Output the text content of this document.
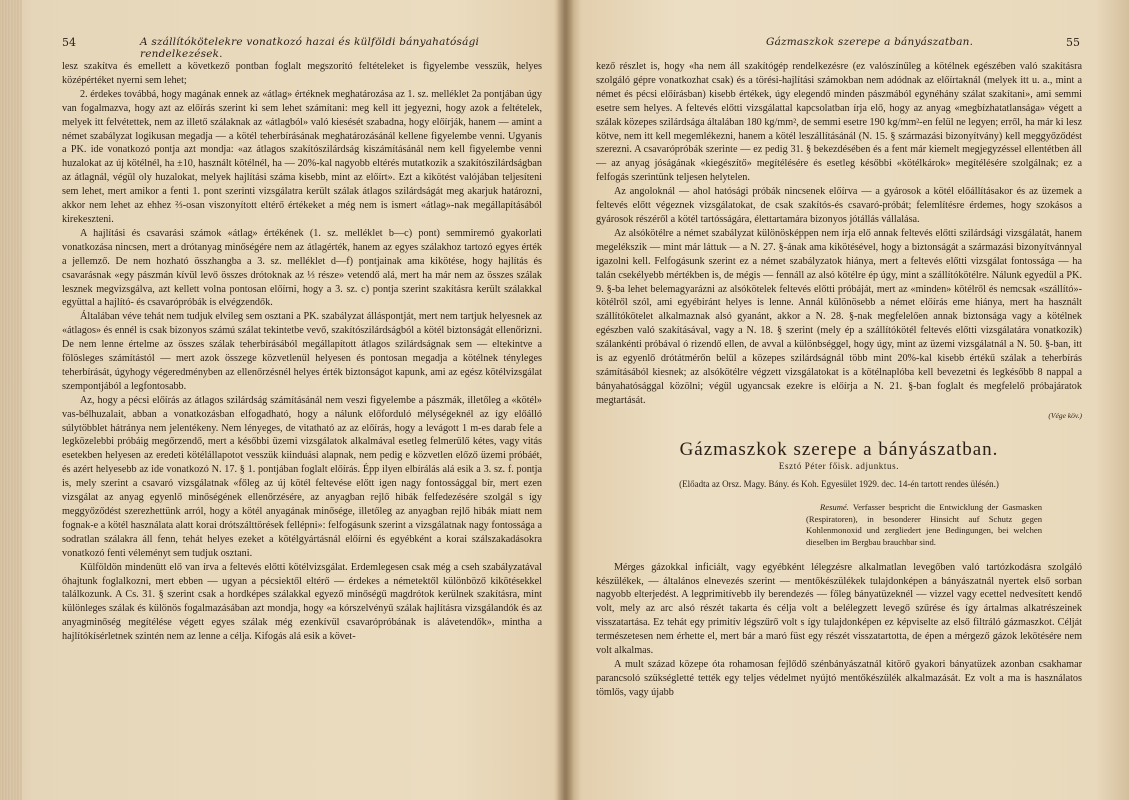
54	A szállítókötelekre vonatkozó hazai és külföldi bányahatósági rendelkezések.

lesz szakítva és emellett a következő pontban foglalt megszorító feltételeket is figyelembe vesszük, helyes középértéket nyerni sem lehet;

2. érdekes továbbá, hogy magának ennek az «átlag» értéknek meghatározása az 1. sz. melléklet 2a pontjában úgy van fogalmazva, hogy azt az előírás szerint ki sem lehet számítani: meg kell itt jegyezni, hogy azok a feltételek, melyek itt felvétettek, nem az illető szálaknak az «átlagból» való kiesését szabadna, hogy előírják, hanem — amint a német szabályzat logikusan megadja — a kötél teherbírásának meghatározásánál kellene figyelembe venni. Ugyanis a PK. ide vonatkozó pontja azt mondja: «az átlagos szakítószilárdság kiszámításánál nem kell figyelembe venni huzalokat az új kötélnél, ha ±10, használt kötélnél, ha — 20%-kal nagyobb eltérés mutatkozik a szakítószilárdságban az átlagnál, végül oly huzalokat, melyek hajlítási száma kisebb, mint az előírt». Ezt a kikötést valójában teljesíteni sem lehet, mert amikor a fenti 1. pont szerinti vizsgálatra került szálak átlagos szilárdságát meg akarjuk határozni, akkor nem lehet az ehhez ⅔-osan viszonyított eltérő értékeket a még nem is ismert «átlag»-nak megállapításából kirekeszteni.

A hajlítási és csavarási számok «átlag» értékének (1. sz. melléklet b—c) pont) semmiremó gyakorlati vonatkozása nincsen, mert a drótanyag minőségére nem az átlagérték, hanem az egyes szálakhoz tartozó egyes érték a jellemző. De nem hozható összhangba a 3. sz. melléklet d—f) pontjainak ama kikötése, hogy hajlítás és csavarásnak «egy pászmán kívül levő összes drótoknak az ⅓ része» vetendő alá, mert ha már nem az összes szálak lesznek megvizsgálva, azt kellett volna pontosan előírni, hogy a 3. sz. c) pontja szerint szakításra került szálakkal együttal a hajlító- és csavarópróbák is elvégzendők.

Általában véve tehát nem tudjuk elvileg sem osztani a PK. szabályzat álláspontját, mert nem tartjuk helyesnek az «átlagos» és ennél is csak bizonyos számú szálat tekintetbe vevő, szakítószilárdságból a kötél biztonságát ellenőrizni. De nem lenne értelme az összes szálak teherbírásából megállapított átlagos szilárdságnak sem — eltekintve a fölösleges számítástól — mert azok összege közvetlenül helyesen és pontosan megadja a kötélnek tényleges teherbírását, úgyhogy végeredményben az ellenőrzésnél helyes érték biztonságot kapunk, ami az egész kötélvizsgálat szempontjából a legfontosabb.

Az, hogy a pécsi előírás az átlagos szilárdság számításánál nem veszi figyelembe a pászmák, illetőleg a «kötél» vas-bélhuzalait, abban a vonatkozásban elfogadható, hogy a nálunk előforduló mélységeknél az így előálló súlytöbblet hátránya nem jelentékeny. Nem lényeges, de vitatható az az előírás, hogy a levágott 1 m-es darab fele a legközelebbi próbáig megőrzendő, mert a későbbi üzemi vizsgálatok alkalmával esetleg felmerülő kétes, vagy vitás esetekben helyesen az eredeti kötélállapotot vesszük kiinduási alapnak, nem pedig e közvetlen előző üzemi próbáét, és azért helyesebb az ide vonatkozó N. 17. § 1. pontjában foglalt előírás. Épp ilyen elbírálás alá esik a 3. sz. f. pontja is, mely szerint a csavaró vizsgálatnak «főleg az új kötél feltevése előtt igen nagy fontossággal bír, mert ezen vizsgálat az anyag egyenlő minőségének ellenőrzésére, az anyagban rejlő hibák felfedezésére szolgál s így meggyőződést szerezhettünk arról, hogy a kötél anyagának minősége, illetőleg az anyagban rejlő hibák miatt nem fognak-e a kötél használata alatt korai drótszálttörések fellépni»: felfogásunk szerint a vizsgálatnak nagy fontossága a sodratlan szálakra áll fenn, tehát helyes ezeket a kötélgyártásnál előírni és egyébként a korai szálszakadásokra vonatkozó fenti véleményt sem tudjuk osztani.

Külföldön mindenütt elő van írva a feltevés előtti kötélvizsgálat. Erdemlegesen csak még a cseh szabályzatával óhajtunk foglalkozni, mert ebben — ugyan a pécsiektől eltérő — érdekes a németektől különböző kikötésekkel találkozunk. A Cs. 31. § szerint csak a hordképes szálakkal egyező minőségű magdrótok kerülnek szakításra, mint különleges szálak és különös fogalmazásában azt mondja, hogy «a kórszelvényű szálak hajlításra vizsgálandók és az anyagminőség megítélése végett egyes szálak még ezenkívül csavarópróbának is alávetendők», mintha a hajlítókísérletnek szintén nem az lenne a célja. Kifogás alá esik a követ-

Gázmaszkok szerepe a bányászatban.	55

kező részlet is, hogy «ha nem áll szakítógép rendelkezésre (ez valószínűleg a kötélnek egészében való szakításra szolgáló gépre vonatkozhat csak) és a törési-hajlítási számokban nem adódnak az előírtaknál (melyek itt u. a., mint a német és pécsi előírásban) kisebb értékek, úgy elegendő minden pászmából egynéhány szálat szakítani», ami semmi esetre sem helyes. A feltevés előtti vizsgálattal kapcsolatban írja elő, hogy az anyag «megbízhatatlansága» végett a szálak közepes szilárdsága általában 180 kg/mm², de semmi esetre 190 kg/mm²-en felül ne legyen; erről, ha már ki lesz kötve, nem itt kell megemlékezni, hanem a kötél leszállításánál (N. 15. § származási bizonyítvány) kell meggyőződést szerezni. A csavarópróbák szerinte — ez pedig 31. § bekezdésében és a fent már kiemelt megjegyzéssel ellentétben áll — az anyag jóságának «kiegészítő» megítélésére és esetleg későbbi «kötélkárok» megítélésére szolgálnak; ez a felfogás szerintünk teljesen helytelen.

Az angoloknál — ahol hatósági próbák nincsenek előírva — a gyárosok a kötél előállításakor és az üzemek a feltevés előtt végeznek vizsgálatokat, de csak szakítós-és csavaró-próbát; felemlítésre érdemes, hogy szokásos a gyárosok részéről a kötél tartósságára, élettartamára bizonyos jótállás vállalása.

Az alsókötélre a német szabályzat különösképpen nem írja elő annak feltevés előtti szilárdsági vizsgálatát, hanem megelékszik — mint már láttuk — a N. 27. §-ának ama kikötésével, hogy a biztonságát a származási bizonyítvánnyal igazolni kell. Felfogásunk szerint ez a német szabályzatok hiánya, mert a feltevés előtti vizsgálat fontossága — ha talán csekélyebb mértékben is, de mégis — fennáll az alsó kötélre ép úgy, mint a szállítókötélre. Nálunk egyedül a PK. 9. §-ba lehet belemagyarázni az alsókötelek feltevés előtti próbáját, mert az «minden» kötélről és nemcsak «szállító»-kötélről szól, ami egyébiránt helyes is lenne. Annál különösebb a német előírás eme hiánya, mert ha használt szállítókötelet alkalmaznak alsó gyanánt, akkor a N. 28. §-nak megfelelően annak biztonsága vagy a kötélnek egészben való szakításával, vagy a N. 18. § szerint (mely ép a szállítókötél feltevés előtti vizsgálatára vonatkozik) szálankénti próbával ó rizendő ellen, de avval a különbséggel, hogy úgy, mint az üzemi vizsgálatnál a N. 50. §-ban, itt is az egyenlő drótátmérőn belül a közepes szilárdságnál több mint 20%-kal kisebb értékű szálak a teherbírás számításából kiesnek; az alsókötélre végzett vizsgálatokat is a kötélnaplóba kell bevezetni és legkésőbb 8 nappal a bányahatósággal közölni; végül ugyancsak ezekre is előírja a N. 21. §-ban foglalt és megfelelő próbajáratok megtartását.

(Vége köv.)
Gázmaszkok szerepe a bányászatban.
Esztó Péter főisk. adjunktus.
(Előadta az Orsz. Magy. Bány. és Koh. Egyesület 1929. dec. 14-én tartott rendes ülésén.)
Resumé. Verfasser bespricht die Entwicklung der Gasmasken (Respiratoren), in besonderer Hinsicht auf Schutz gegen Kohlenmonoxid und zergliedert jene Bedingungen, bei welchen dieselben im Bergbau brauchbar sind.

Mérges gázokkal inficiált, vagy egyébként lélegzésre alkalmatlan levegőben való tartózkodásra szolgáló készülékek, — általános elnevezés szerint — mentőkészülékek tulajdonképen a bányászatnál nyertek első sorban nagyobb elterjedést. A legprimitívebb ily berendezés — főleg bányatüzeknél — vizzel vagy ecettel nedvesített kendő volt, mely az arc alsó részét takarta és célja volt a belélegzett levegő szűrése és így ártalmas alkatrészeinek visszatartása. Ez tehát egy primitív légszűrő volt s így tulajdonképen ez képviselte az első filtráló gázmaszkot. Célját természetesen nem érhette el, mert bár a maró füst egy részét visszatartotta, de épen a mérgező gázok lekötésére nem volt alkalmas.

A mult század közepe óta rohamosan fejlődő szénbányászatnál kitörő gyakori bányatüzek azonban csakhamar parancsoló szükségletté tették egy teljes védelmet nyújtó mentőkészülék alkalmazását. Ez volt a ma is használatos tömlős, vagy újabb
